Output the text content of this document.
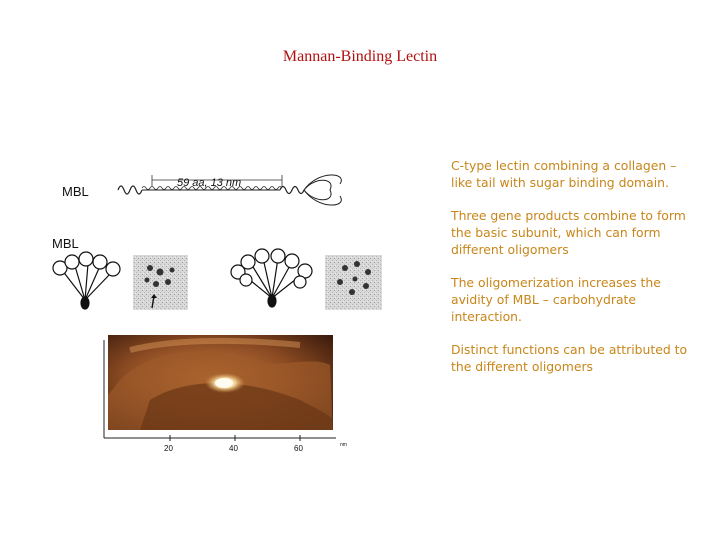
Mannan-Binding Lectin

C-type lectin combining a collagen – like tail with sugar binding domain.

Three gene products combine to form the basic subunit, which can form different oligomers

The oligomerization increases the avidity of MBL – carbohydrate interaction.

Distinct functions can be attributed to the different oligomers

MBL
59 aa, 13 nm
MBL
20	40	60	nm
